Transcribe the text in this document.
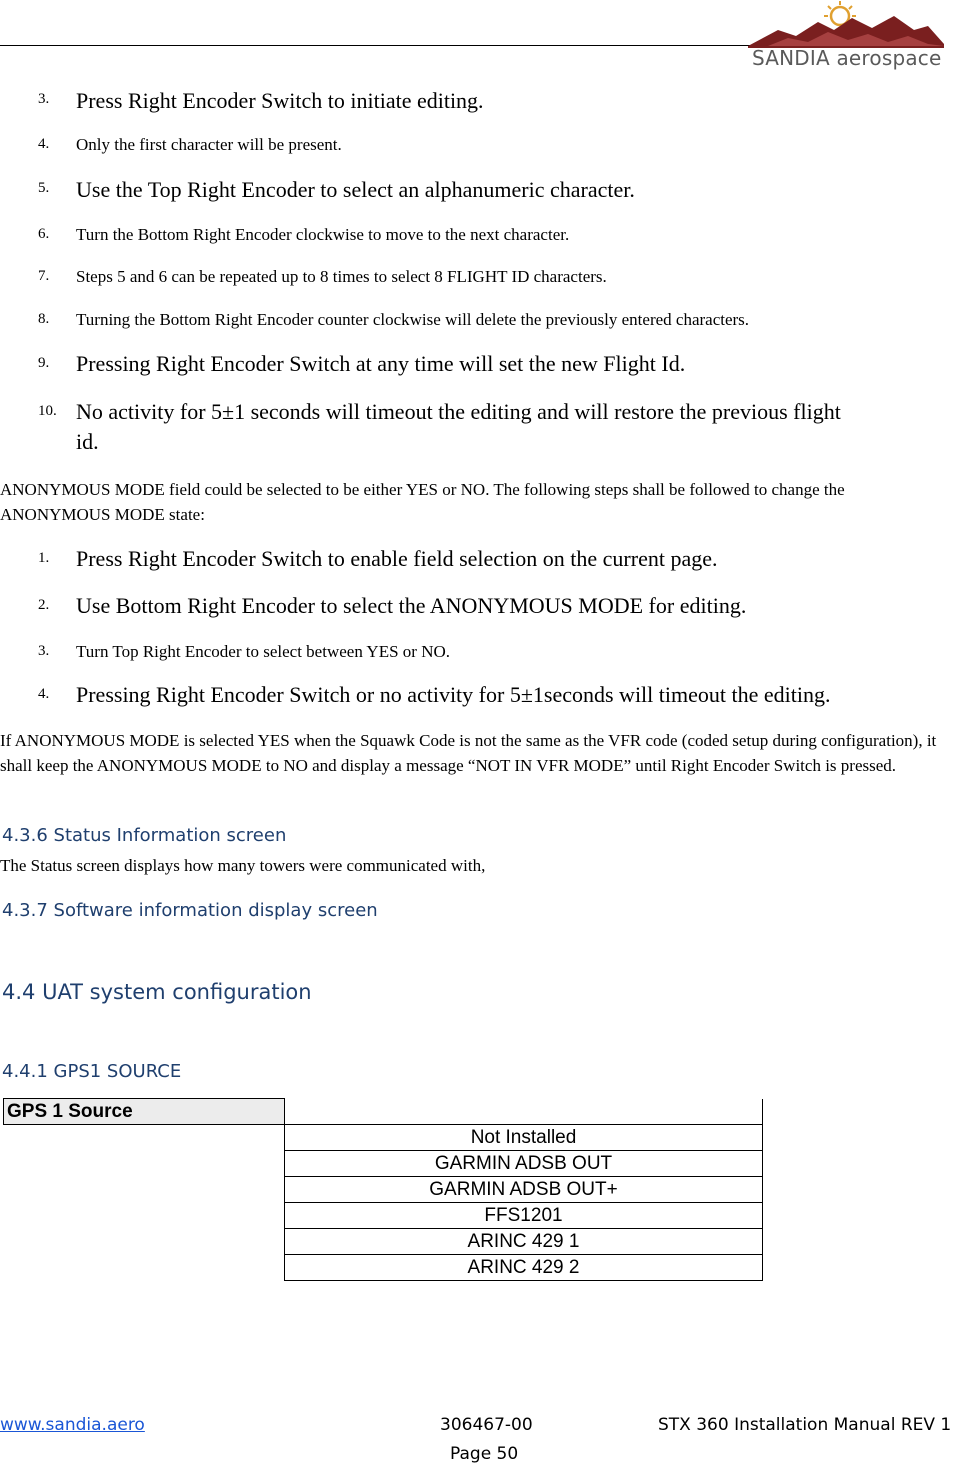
SANDIA aerospace
3. Press Right Encoder Switch to initiate editing.
4. Only the first character will be present.
5. Use the Top Right Encoder to select an alphanumeric character.
6. Turn the Bottom Right Encoder clockwise to move to the next character.
7. Steps 5 and 6 can be repeated up to 8 times to select 8 FLIGHT ID characters.
8. Turning the Bottom Right Encoder counter clockwise will delete the previously entered characters.
9. Pressing Right Encoder Switch at any time will set the new Flight Id.
10. No activity for 5±1 seconds will timeout the editing and will restore the previous flight
id.
ANONYMOUS MODE field could be selected to be either YES or NO. The following steps shall be followed to change the ANONYMOUS MODE state:
1. Press Right Encoder Switch to enable field selection on the current page.
2. Use Bottom Right Encoder to select the ANONYMOUS MODE for editing.
3. Turn Top Right Encoder to select between YES or NO.
4. Pressing Right Encoder Switch or no activity for 5±1seconds will timeout the editing.
If ANONYMOUS MODE is selected YES when the Squawk Code is not the same as the VFR code (coded setup during configuration), it shall keep the ANONYMOUS MODE to NO and display a message “NOT IN VFR MODE” until Right Encoder Switch is pressed.
4.3.6 Status Information screen
The Status screen displays how many towers were communicated with,
4.3.7 Software information display screen
4.4 UAT system configuration
4.4.1 GPS1 SOURCE
GPS 1 Source	
	Not Installed
	GARMIN ADSB OUT
	GARMIN ADSB OUT+
	FFS1201
	ARINC 429 1
	ARINC 429 2
www.sandia.aero	306467-00
Page 50
STX 360 Installation Manual REV 1
